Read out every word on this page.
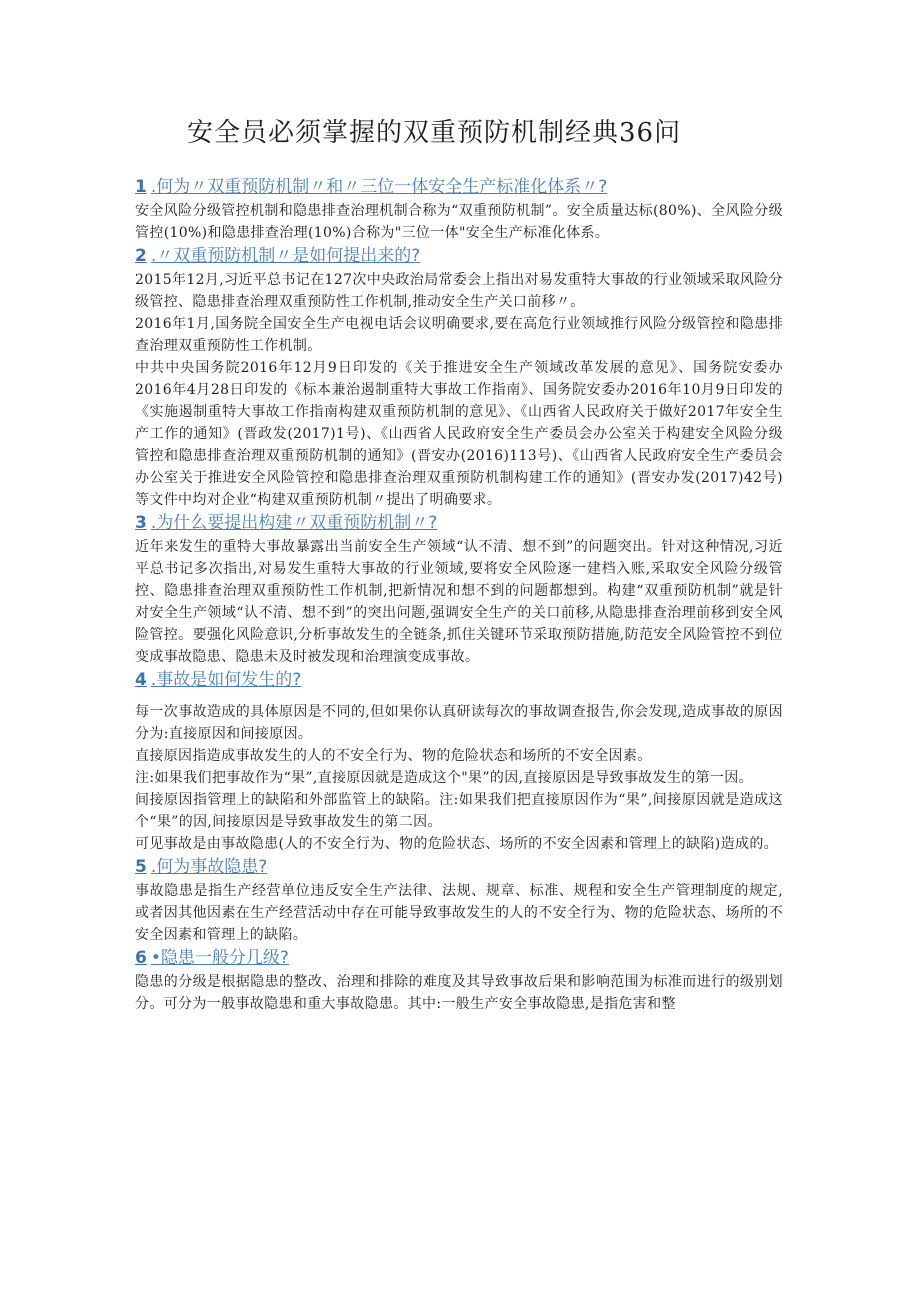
安全员必须掌握的双重预防机制经典36问
1 .何为〃双重预防机制〃和〃三位一体安全生产标准化体系〃?

安全风险分级管控机制和隐患排查治理机制合称为“双重预防机制”。安全质量达标(80%)、全风险分级管控(10%)和隐患排查治理(10%)合称为"三位一体"安全生产标准化体系。

2 .〃双重预防机制〃是如何提出来的?

2015年12月,习近平总书记在127次中央政治局常委会上指出对易发重特大事故的行业领域采取风险分级管控、隐患排查治理双重预防性工作机制,推动安全生产关口前移〃。

2016年1月,国务院全国安全生产电视电话会议明确要求,要在高危行业领域推行风险分级管控和隐患排查治理双重预防性工作机制。

中共中央国务院2016年12月9日印发的《关于推进安全生产领域改革发展的意见》、国务院安委办2016年4月28日印发的《标本兼治遏制重特大事故工作指南》、国务院安委办2016年10月9日印发的《实施遏制重特大事故工作指南构建双重预防机制的意见》、《山西省人民政府关于做好2017年安全生产工作的通知》(晋政发(2017)1号)、《山西省人民政府安全生产委员会办公室关于构建安全风险分级管控和隐患排查治理双重预防机制的通知》(晋安办(2016)113号)、《山西省人民政府安全生产委员会办公室关于推进安全风险管控和隐患排查治理双重预防机制构建工作的通知》(晋安办发(2017)42号)等文件中均对企业“构建双重预防机制〃提出了明确要求。

3 .为什么要提出构建〃双重预防机制〃?

近年来发生的重特大事故暴露出当前安全生产领域“认不清、想不到”的问题突出。针对这种情况,习近平总书记多次指出,对易发生重特大事故的行业领域,要将安全风险逐一建档入账,采取安全风险分级管控、隐患排查治理双重预防性工作机制,把新情况和想不到的问题都想到。构建“双重预防机制”就是针对安全生产领域“认不清、想不到”的突出问题,强调安全生产的关口前移,从隐患排查治理前移到安全风险管控。要强化风险意识,分析事故发生的全链条,抓住关键环节采取预防措施,防范安全风险管控不到位变成事故隐患、隐患未及时被发现和治理演变成事故。

4 .事故是如何发生的?

每一次事故造成的具体原因是不同的,但如果你认真研读每次的事故调查报告,你会发现,造成事故的原因分为:直接原因和间接原因。

直接原因指造成事故发生的人的不安全行为、物的危险状态和场所的不安全因素。

注:如果我们把事故作为“果”,直接原因就是造成这个"果”的因,直接原因是导致事故发生的第一因。

间接原因指管理上的缺陷和外部监管上的缺陷。注:如果我们把直接原因作为“果”,间接原因就是造成这个“果”的因,间接原因是导致事故发生的第二因。

可见事故是由事故隐患(人的不安全行为、物的危险状态、场所的不安全因素和管理上的缺陷)造成的。

5 .何为事故隐患?

事故隐患是指生产经营单位违反安全生产法律、法规、规章、标准、规程和安全生产管理制度的规定,或者因其他因素在生产经营活动中存在可能导致事故发生的人的不安全行为、物的危险状态、场所的不安全因素和管理上的缺陷。

6 •隐患一般分几级?

隐患的分级是根据隐患的整改、治理和排除的难度及其导致事故后果和影响范围为标准而进行的级别划分。可分为一般事故隐患和重大事故隐患。其中:一般生产安全事故隐患,是指危害和整
